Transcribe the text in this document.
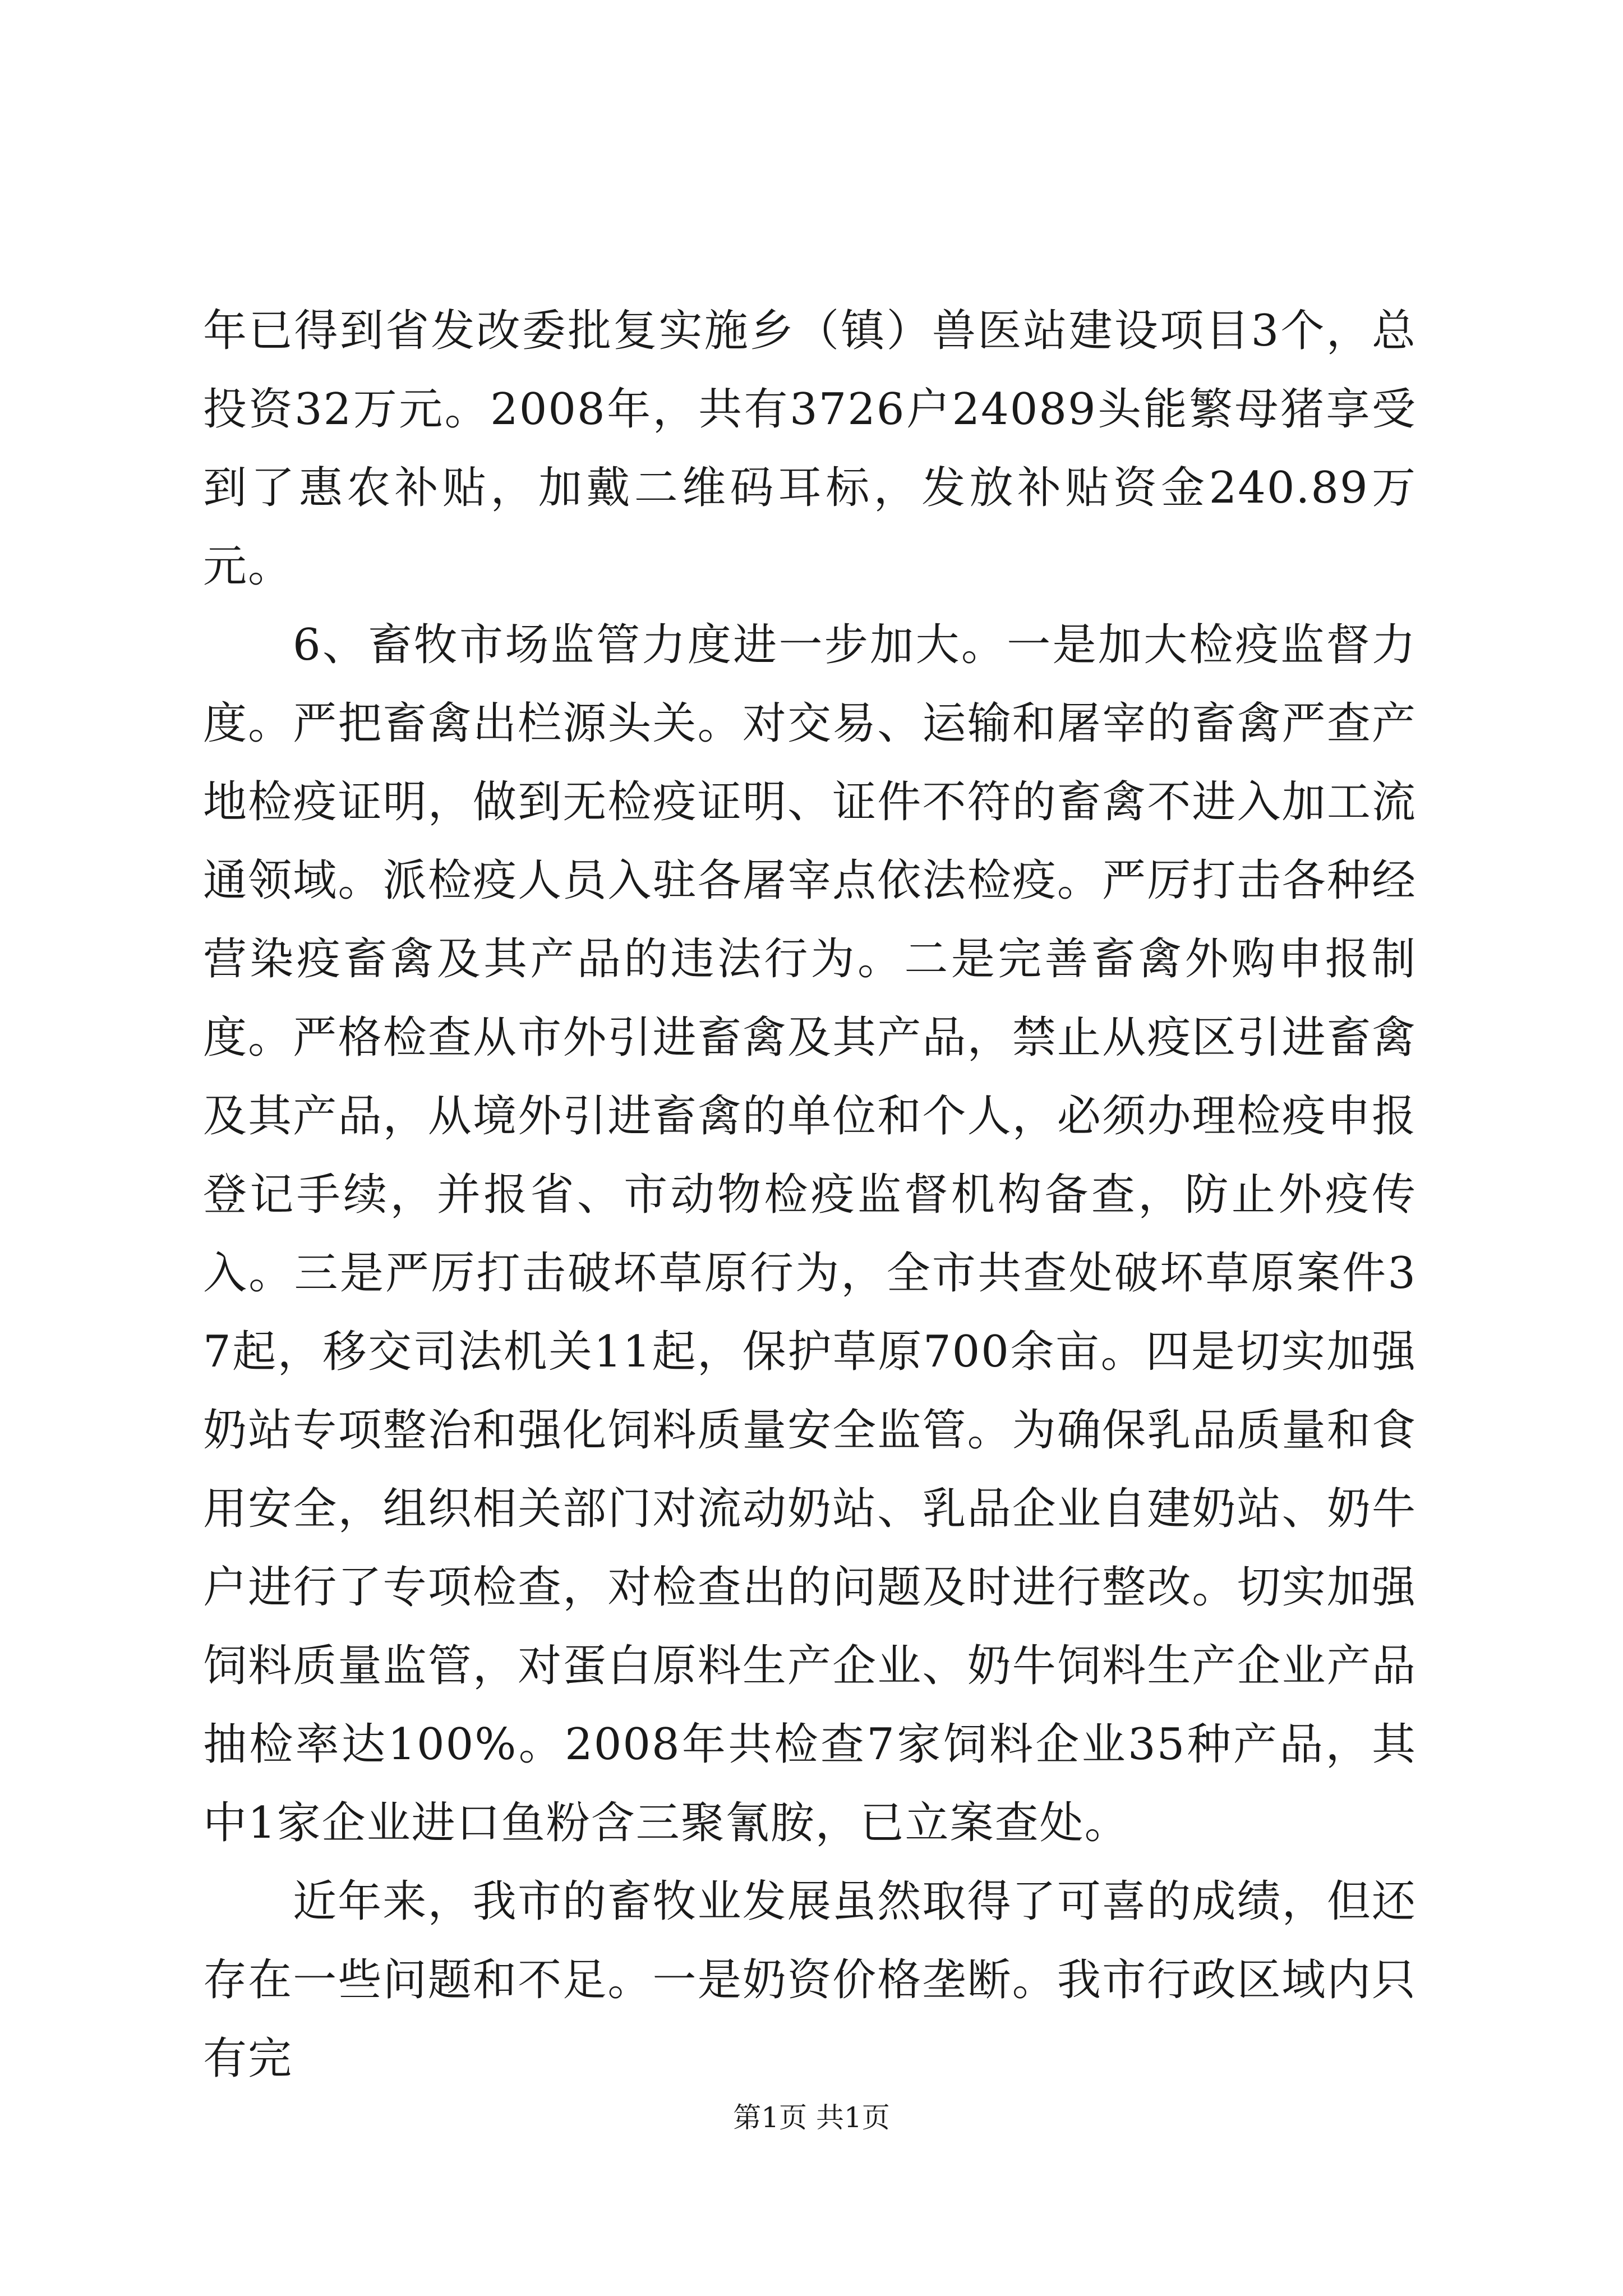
年已得到省发改委批复实施乡（镇）兽医站建设项目3个，总投资32万元。2008年，共有3726户24089头能繁母猪享受到了惠农补贴，加戴二维码耳标，发放补贴资金240.89万元。

6、畜牧市场监管力度进一步加大。一是加大检疫监督力度。严把畜禽出栏源头关。对交易、运输和屠宰的畜禽严查产地检疫证明，做到无检疫证明、证件不符的畜禽不进入加工流通领域。派检疫人员入驻各屠宰点依法检疫。严厉打击各种经营染疫畜禽及其产品的违法行为。二是完善畜禽外购申报制度。严格检查从市外引进畜禽及其产品，禁止从疫区引进畜禽及其产品，从境外引进畜禽的单位和个人，必须办理检疫申报登记手续，并报省、市动物检疫监督机构备查，防止外疫传入。三是严厉打击破坏草原行为，全市共查处破坏草原案件37起，移交司法机关11起，保护草原700余亩。四是切实加强奶站专项整治和强化饲料质量安全监管。为确保乳品质量和食用安全，组织相关部门对流动奶站、乳品企业自建奶站、奶牛户进行了专项检查，对检查出的问题及时进行整改。切实加强饲料质量监管，对蛋白原料生产企业、奶牛饲料生产企业产品抽检率达100%。2008年共检查7家饲料企业35种产品，其中1家企业进口鱼粉含三聚氰胺，已立案查处。

近年来，我市的畜牧业发展虽然取得了可喜的成绩，但还存在一些问题和不足。一是奶资价格垄断。我市行政区域内只有完

第1页 共1页
